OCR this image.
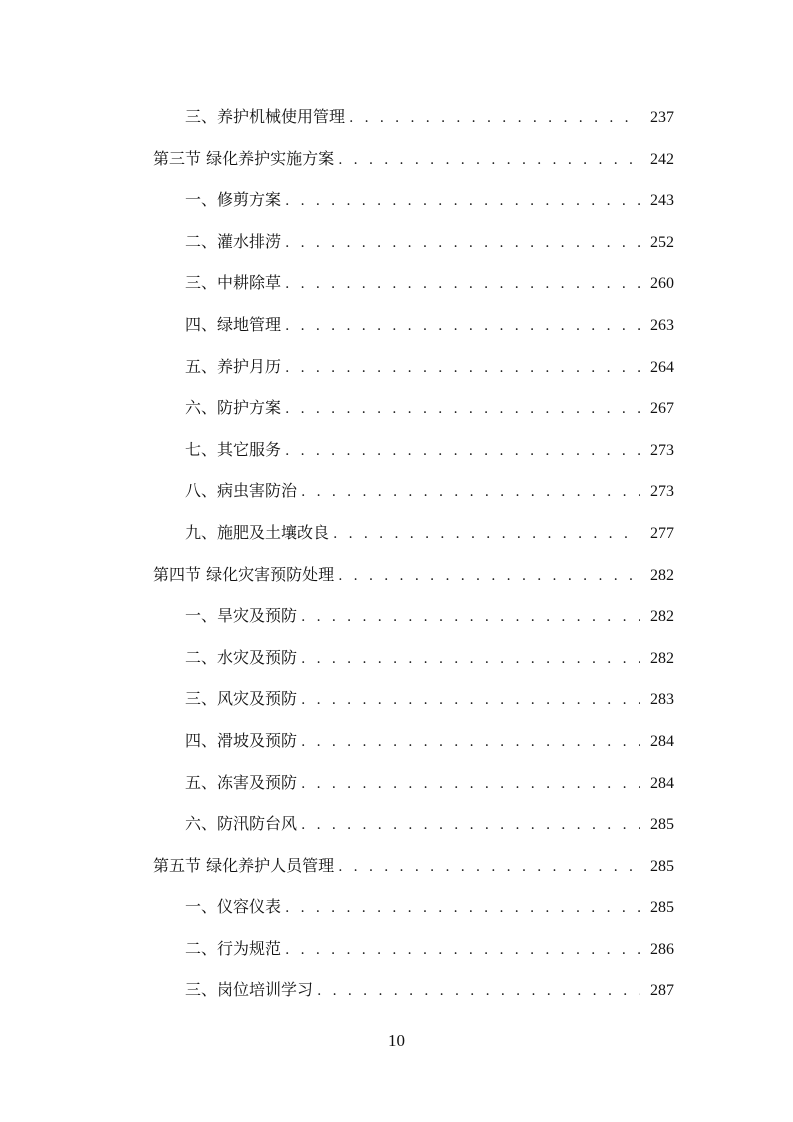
三、养护机械使用管理 . . .	237
第三节 绿化养护实施方案 . . .	242
一、修剪方案 . . .	243
二、灌水排涝 . . .	252
三、中耕除草 . . .	260
四、绿地管理 . . .	263
五、养护月历 . . .	264
六、防护方案 . . .	267
七、其它服务 . . .	273
八、病虫害防治 . . .	273
九、施肥及土壤改良 . . .	277
第四节 绿化灾害预防处理 . . .	282
一、旱灾及预防 . . .	282
二、水灾及预防 . . .	282
三、风灾及预防 . . .	283
四、滑坡及预防 . . .	284
五、冻害及预防 . . .	284
六、防汛防台风 . . .	285
第五节 绿化养护人员管理 . . .	285
一、仪容仪表 . . .	285
二、行为规范 . . .	286
三、岗位培训学习 . . .	287
10
